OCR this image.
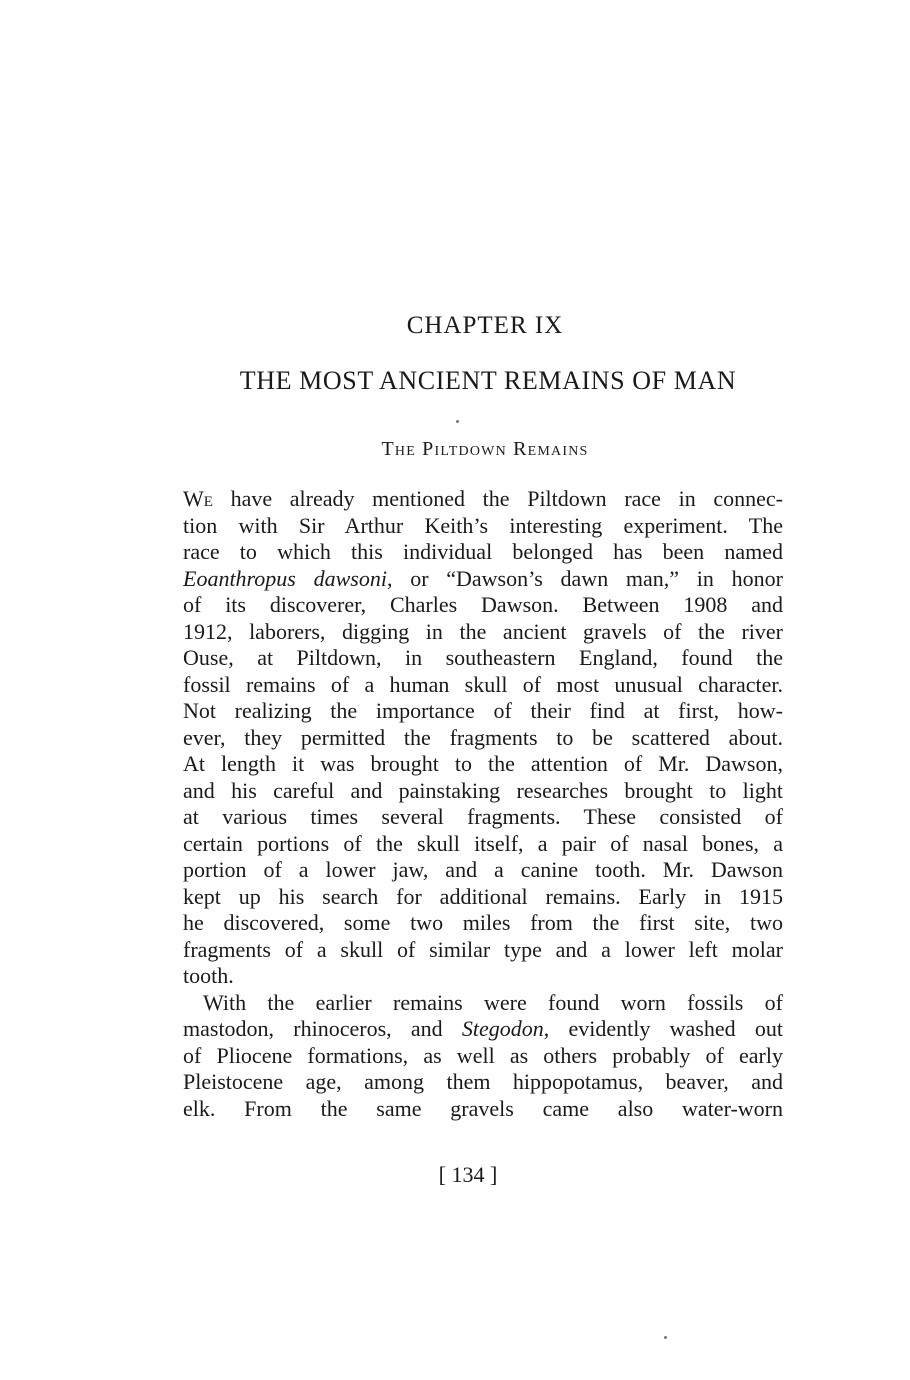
CHAPTER IX
THE MOST ANCIENT REMAINS OF MAN
The Piltdown Remains
We have already mentioned the Piltdown race in connec-
tion with Sir Arthur Keith’s interesting experiment. The
race to which this individual belonged has been named
Eoanthropus dawsoni, or “Dawson’s dawn man,” in honor
of its discoverer, Charles Dawson. Between 1908 and
1912, laborers, digging in the ancient gravels of the river
Ouse, at Piltdown, in southeastern England, found the
fossil remains of a human skull of most unusual character.
Not realizing the importance of their find at first, how-
ever, they permitted the fragments to be scattered about.
At length it was brought to the attention of Mr. Dawson,
and his careful and painstaking researches brought to light
at various times several fragments. These consisted of
certain portions of the skull itself, a pair of nasal bones, a
portion of a lower jaw, and a canine tooth. Mr. Dawson
kept up his search for additional remains. Early in 1915
he discovered, some two miles from the first site, two
fragments of a skull of similar type and a lower left molar
tooth.
With the earlier remains were found worn fossils of
mastodon, rhinoceros, and Stegodon, evidently washed out
of Pliocene formations, as well as others probably of early
Pleistocene age, among them hippopotamus, beaver, and
elk. From the same gravels came also water-worn
[ 134 ]
